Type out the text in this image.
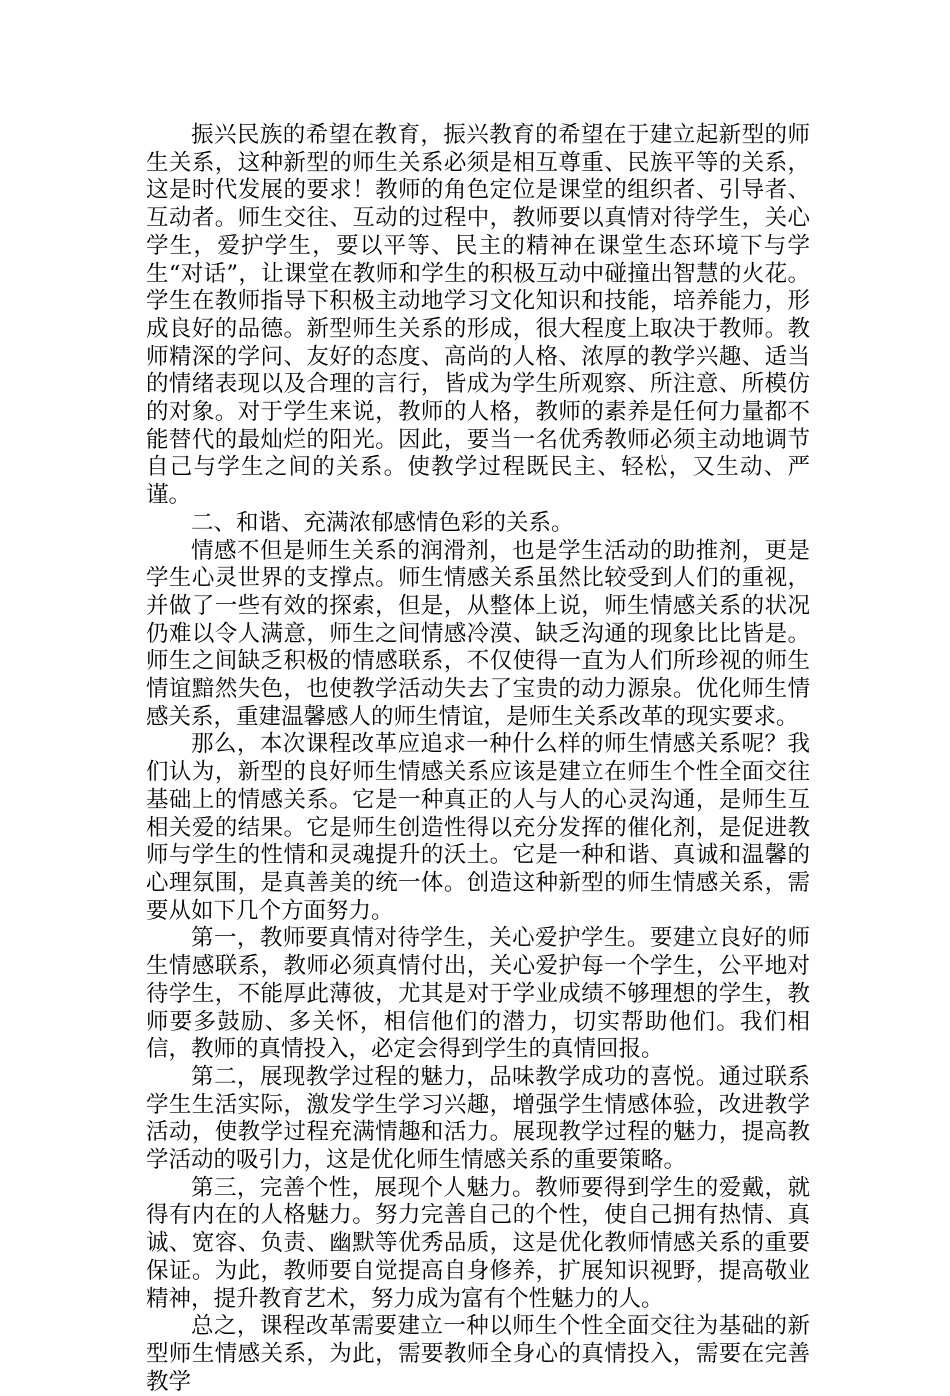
振兴民族的希望在教育，振兴教育的希望在于建立起新型的师生关系，这种新型的师生关系必须是相互尊重、民族平等的关系，这是时代发展的要求！教师的角色定位是课堂的组织者、引导者、互动者。师生交往、互动的过程中，教师要以真情对待学生，关心学生，爱护学生，要以平等、民主的精神在课堂生态环境下与学生“对话”，让课堂在教师和学生的积极互动中碰撞出智慧的火花。学生在教师指导下积极主动地学习文化知识和技能，培养能力，形成良好的品德。新型师生关系的形成，很大程度上取决于教师。教师精深的学问、友好的态度、高尚的人格、浓厚的教学兴趣、适当的情绪表现以及合理的言行，皆成为学生所观察、所注意、所模仿的对象。对于学生来说，教师的人格，教师的素养是任何力量都不能替代的最灿烂的阳光。因此，要当一名优秀教师必须主动地调节自己与学生之间的关系。使教学过程既民主、轻松，又生动、严谨。

二、和谐、充满浓郁感情色彩的关系。

情感不但是师生关系的润滑剂，也是学生活动的助推剂，更是学生心灵世界的支撑点。师生情感关系虽然比较受到人们的重视，并做了一些有效的探索，但是，从整体上说，师生情感关系的状况仍难以令人满意，师生之间情感冷漠、缺乏沟通的现象比比皆是。师生之间缺乏积极的情感联系，不仅使得一直为人们所珍视的师生情谊黯然失色，也使教学活动失去了宝贵的动力源泉。优化师生情感关系，重建温馨感人的师生情谊，是师生关系改革的现实要求。

那么，本次课程改革应追求一种什么样的师生情感关系呢？我们认为，新型的良好师生情感关系应该是建立在师生个性全面交往基础上的情感关系。它是一种真正的人与人的心灵沟通，是师生互相关爱的结果。它是师生创造性得以充分发挥的催化剂，是促进教师与学生的性情和灵魂提升的沃土。它是一种和谐、真诚和温馨的心理氛围，是真善美的统一体。创造这种新型的师生情感关系，需要从如下几个方面努力。

第一，教师要真情对待学生，关心爱护学生。要建立良好的师生情感联系，教师必须真情付出，关心爱护每一个学生，公平地对待学生，不能厚此薄彼，尤其是对于学业成绩不够理想的学生，教师要多鼓励、多关怀，相信他们的潜力，切实帮助他们。我们相信，教师的真情投入，必定会得到学生的真情回报。

第二，展现教学过程的魅力，品味教学成功的喜悦。通过联系学生生活实际，激发学生学习兴趣，增强学生情感体验，改进教学活动，使教学过程充满情趣和活力。展现教学过程的魅力，提高教学活动的吸引力，这是优化师生情感关系的重要策略。

第三，完善个性，展现个人魅力。教师要得到学生的爱戴，就得有内在的人格魅力。努力完善自己的个性，使自己拥有热情、真诚、宽容、负责、幽默等优秀品质，这是优化教师情感关系的重要保证。为此，教师要自觉提高自身修养，扩展知识视野，提高敬业精神，提升教育艺术，努力成为富有个性魅力的人。

总之，课程改革需要建立一种以师生个性全面交往为基础的新型师生情感关系，为此，需要教师全身心的真情投入，需要在完善教学
